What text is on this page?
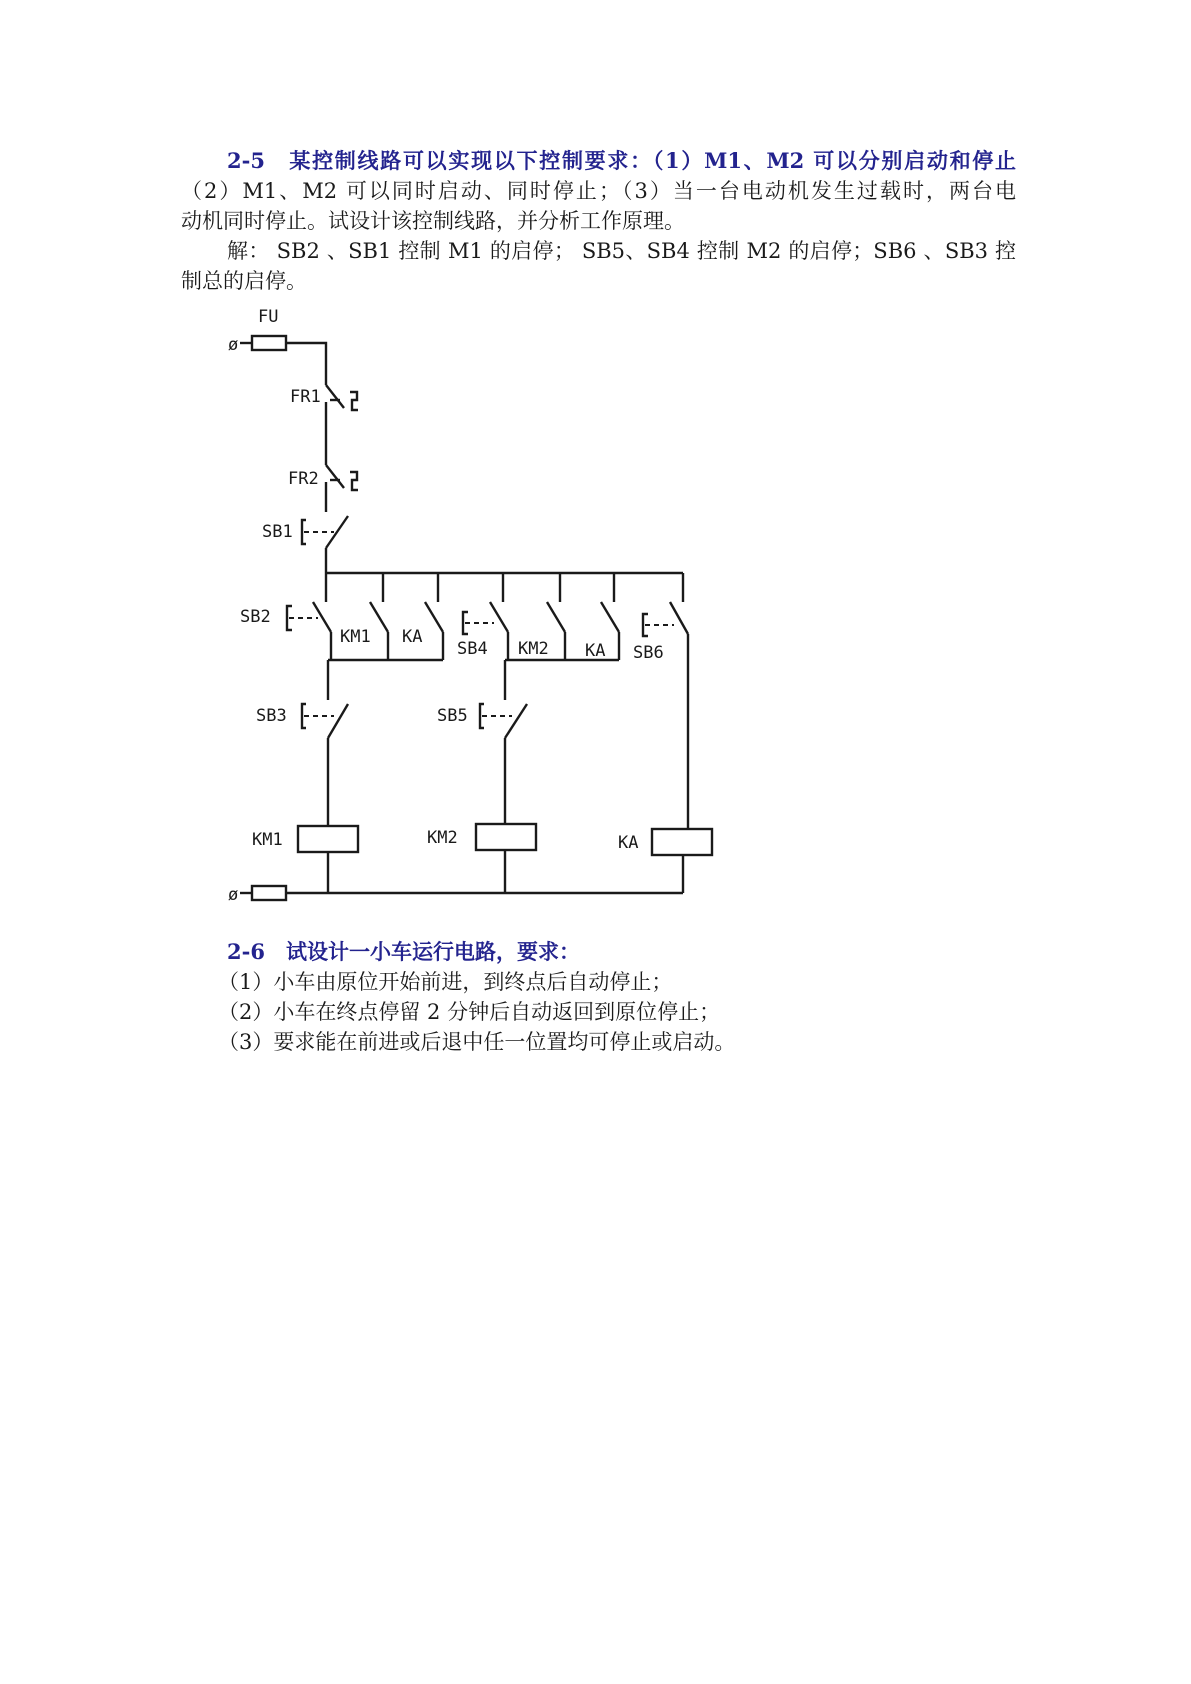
2-5　某控制线路可以实现以下控制要求：（1）M1、M2 可以分别启动和停止
（2）M1、M2 可以同时启动、同时停止；（3）当一台电动机发生过载时，两台电
动机同时停止。试设计该控制线路，并分析工作原理。
解： SB2 、SB1 控制 M1 的启停； SB5、SB4 控制 M2 的启停；SB6 、SB3 控
制总的启停。
FU
ø
FR1
FR2
SB1
SB2
KM1 KA
SB4 KM2 KA SB6
SB3	SB5
KM1	KM2	KA
ø
2-6　试设计一小车运行电路，要求：
（1）小车由原位开始前进，到终点后自动停止；
（2）小车在终点停留 2 分钟后自动返回到原位停止；
（3）要求能在前进或后退中任一位置均可停止或启动。
